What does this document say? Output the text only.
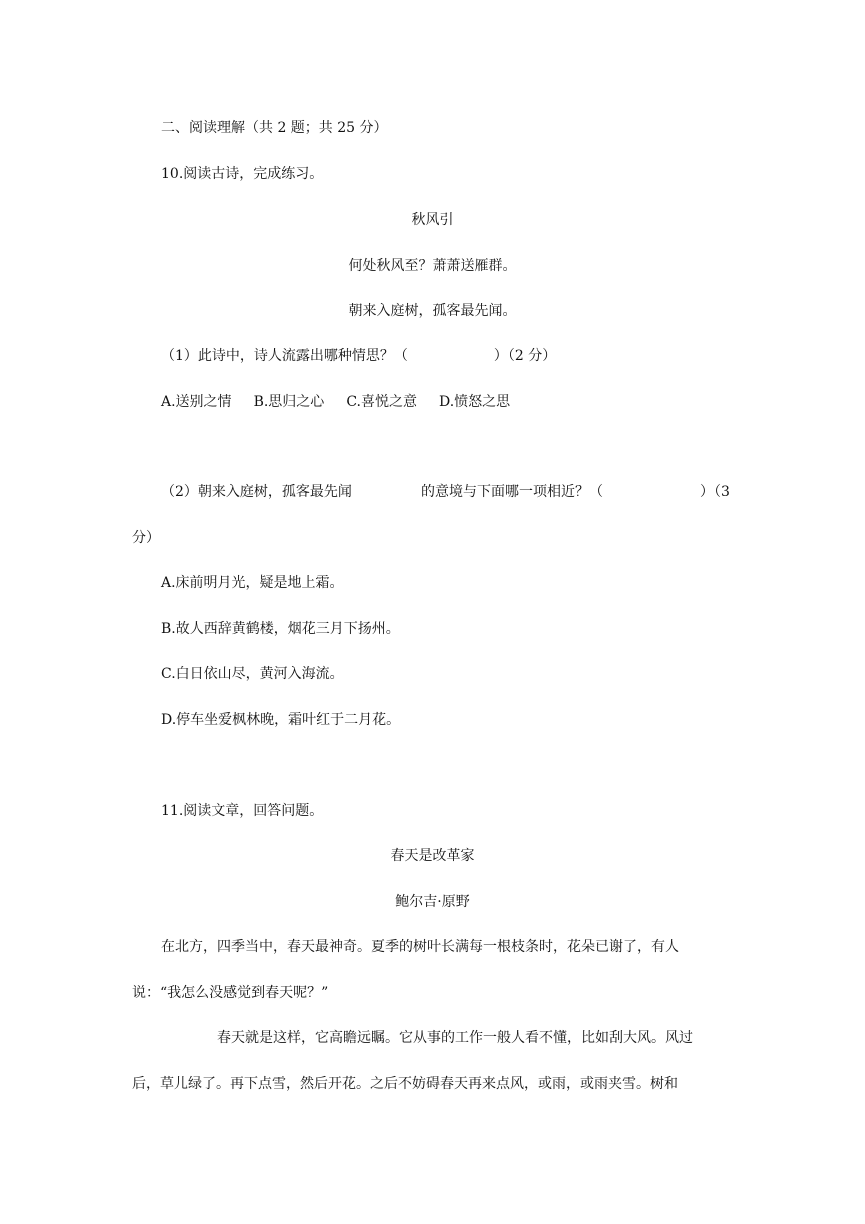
二、阅读理解（共 2 题；共 25 分）
10.阅读古诗，完成练习。
秋风引
何处秋风至？萧萧送雁群。
朝来入庭树，孤客最先闻。
（1）此诗中，诗人流露出哪种情思？（	）（2 分）
A.送别之情 B.思归之心 C.喜悦之意 D.愤怒之思
（2）朝来入庭树，孤客最先闻	的意境与下面哪一项相近？（	）（3
分）
A.床前明月光，疑是地上霜。
B.故人西辞黄鹤楼，烟花三月下扬州。
C.白日依山尽，黄河入海流。
D.停车坐爱枫林晚，霜叶红于二月花。
11.阅读文章，回答问题。
春天是改革家
鲍尔吉·原野
在北方，四季当中，春天最神奇。夏季的树叶长满每一根枝条时，花朵已谢了，有人
说：“我怎么没感觉到春天呢？”
春天就是这样，它高瞻远瞩。它从事的工作一般人看不懂，比如刮大风。风过
后，草儿绿了。再下点雪，然后开花。之后不妨碍春天再来点风，或雨，或雨夹雪。树和
